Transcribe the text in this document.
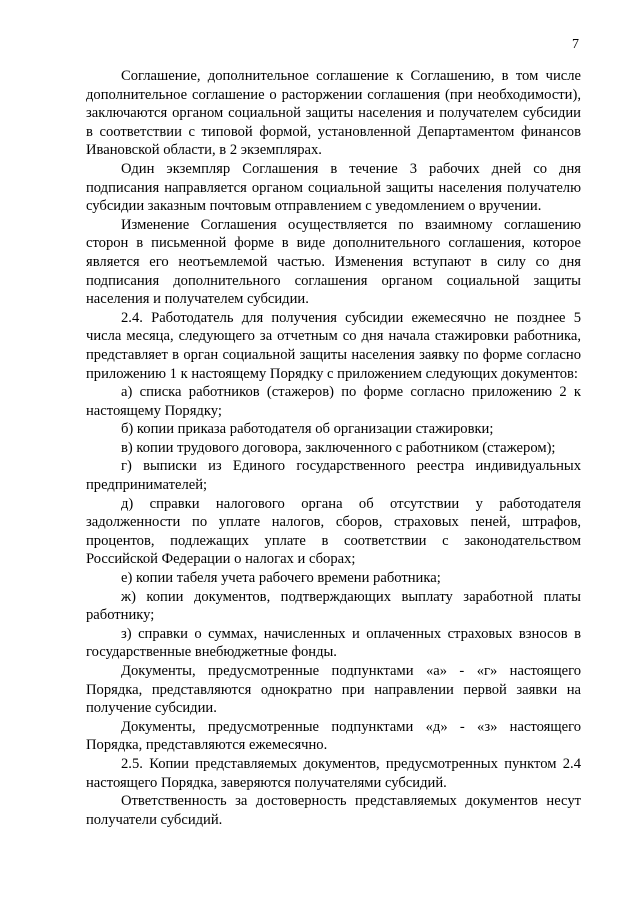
7

Соглашение, дополнительное соглашение к Соглашению, в том числе дополнительное соглашение о расторжении соглашения (при необходимости), заключаются органом социальной защиты населения и получателем субсидии в соответствии с типовой формой, установленной Департаментом финансов Ивановской области, в 2 экземплярах.

Один экземпляр Соглашения в течение 3 рабочих дней со дня подписания направляется органом социальной защиты населения получателю субсидии заказным почтовым отправлением с уведомлением о вручении.

Изменение Соглашения осуществляется по взаимному соглашению сторон в письменной форме в виде дополнительного соглашения, которое является его неотъемлемой частью. Изменения вступают в силу со дня подписания дополнительного соглашения органом социальной защиты населения и получателем субсидии.

2.4. Работодатель для получения субсидии ежемесячно не позднее 5 числа месяца, следующего за отчетным со дня начала стажировки работника, представляет в орган социальной защиты населения заявку по форме согласно приложению 1 к настоящему Порядку с приложением следующих документов:

а) списка работников (стажеров) по форме согласно приложению 2 к настоящему Порядку;

б) копии приказа работодателя об организации стажировки;

в) копии трудового договора, заключенного с работником (стажером);

г) выписки из Единого государственного реестра индивидуальных предпринимателей;

д) справки налогового органа об отсутствии у работодателя задолженности по уплате налогов, сборов, страховых пеней, штрафов, процентов, подлежащих уплате в соответствии с законодательством Российской Федерации о налогах и сборах;

е) копии табеля учета рабочего времени работника;

ж) копии документов, подтверждающих выплату заработной платы работнику;

з) справки о суммах, начисленных и оплаченных страховых взносов в государственные внебюджетные фонды.

Документы, предусмотренные подпунктами «а» - «г» настоящего Порядка, представляются однократно при направлении первой заявки на получение субсидии.

Документы, предусмотренные подпунктами «д» - «з» настоящего Порядка, представляются ежемесячно.

2.5. Копии представляемых документов, предусмотренных пунктом 2.4 настоящего Порядка, заверяются получателями субсидий.

Ответственность за достоверность представляемых документов несут получатели субсидий.
